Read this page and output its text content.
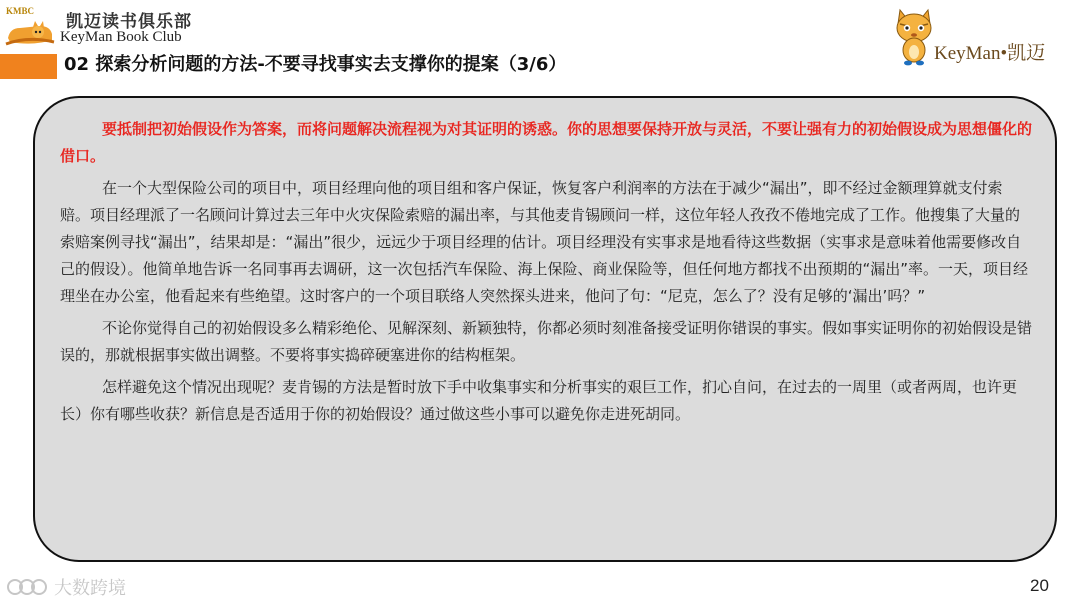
KMBC
凯迈读书俱乐部
KeyMan Book Club
02 探索分析问题的方法-不要寻找事实去支撑你的提案（3/6）
KeyMan•凯迈

要抵制把初始假设作为答案，而将问题解决流程视为对其证明的诱惑。你的思想要保持开放与灵活，不要让强有力的初始假设成为思想僵化的借口。

在一个大型保险公司的项目中，项目经理向他的项目组和客户保证，恢复客户利润率的方法在于减少“漏出”，即不经过金额理算就支付索赔。项目经理派了一名顾问计算过去三年中火灾保险索赔的漏出率，与其他麦肯锡顾问一样，这位年轻人孜孜不倦地完成了工作。他搜集了大量的索赔案例寻找“漏出”，结果却是：“漏出”很少，远远少于项目经理的估计。项目经理没有实事求是地看待这些数据（实事求是意味着他需要修改自己的假设）。他简单地告诉一名同事再去调研，这一次包括汽车保险、海上保险、商业保险等，但任何地方都找不出预期的“漏出”率。一天，项目经理坐在办公室，他看起来有些绝望。这时客户的一个项目联络人突然探头进来，他问了句：“尼克，怎么了？没有足够的‘漏出’吗？”

不论你觉得自己的初始假设多么精彩绝伦、见解深刻、新颖独特，你都必须时刻准备接受证明你错误的事实。假如事实证明你的初始假设是错误的，那就根据事实做出调整。不要将事实捣碎硬塞进你的结构框架。

怎样避免这个情况出现呢？麦肯锡的方法是暂时放下手中收集事实和分析事实的艰巨工作，扪心自问，在过去的一周里（或者两周，也许更长）你有哪些收获？新信息是否适用于你的初始假设？通过做这些小事可以避免你走进死胡同。

大数跨境	20
